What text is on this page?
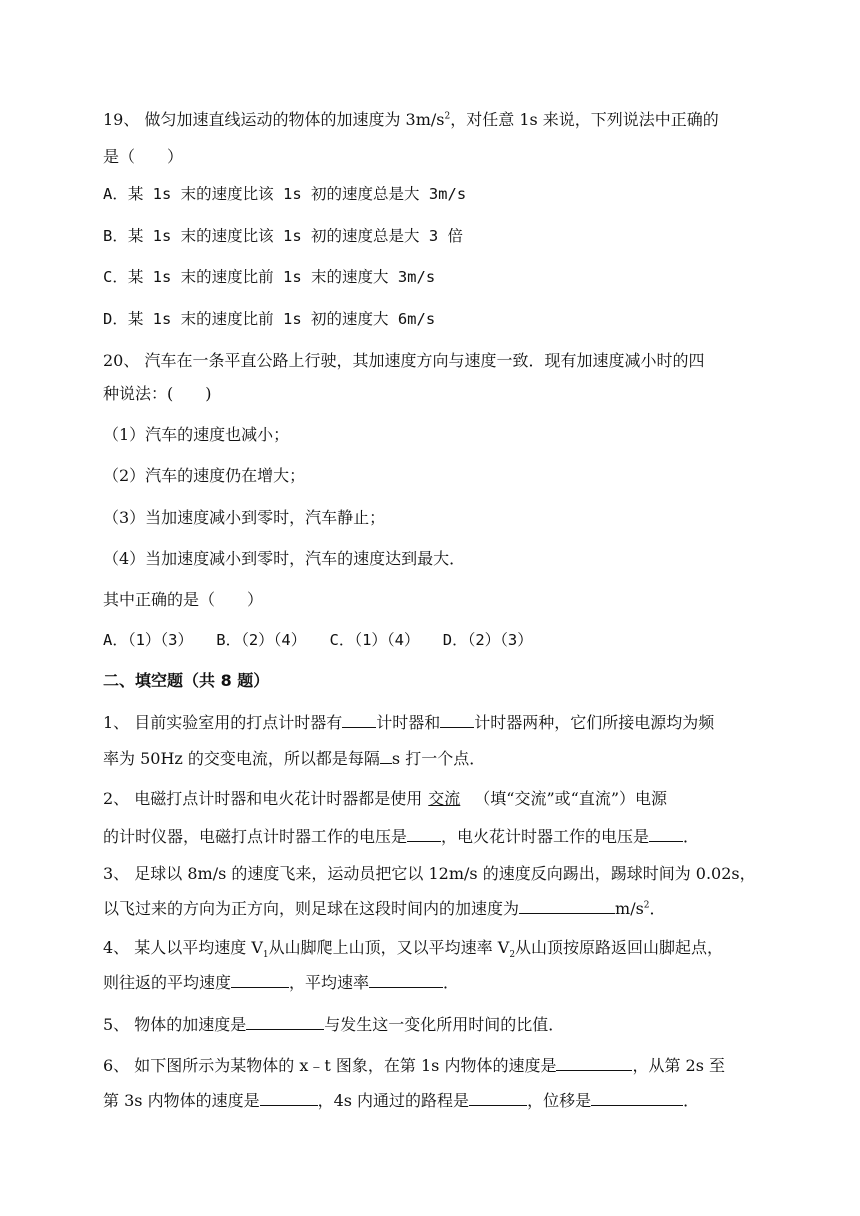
19、 做匀加速直线运动的物体的加速度为 $3m/s^2$，对任意 1s 来说，下列说法中正确的
是（　　）
A．某 1s 末的速度比该 1s 初的速度总是大 3m/s
B．某 1s 末的速度比该 1s 初的速度总是大 3 倍
C．某 1s 末的速度比前 1s 末的速度大 3m/s
D．某 1s 末的速度比前 1s 初的速度大 6m/s
20、 汽车在一条平直公路上行驶，其加速度方向与速度一致．现有加速度减小时的四
种说法：(　　)
（1）汽车的速度也减小；
（2）汽车的速度仍在增大；
（3）当加速度减小到零时，汽车静止；
（4）当加速度减小到零时，汽车的速度达到最大．
其中正确的是（　　）
A．（1）（3）　　B．（2）（4）　　C．（1）（4）　　D．（2）（3）
二、填空题（共 8 题）
1、 目前实验室用的打点计时器有 计时器和 计时器两种，它们所接电源均为频
率为 50Hz 的交变电流，所以都是每隔 s 打一个点．
2、 电磁打点计时器和电火花计时器都是使用 交流 （填“交流”或“直流”）电源
的计时仪器，电磁打点计时器工作的电压是 ，电火花计时器工作的电压是 ．
3、 足球以 8m/s 的速度飞来，运动员把它以 12m/s 的速度反向踢出，踢球时间为 0.02s，
以飞过来的方向为正方向，则足球在这段时间内的加速度为	$m/s^2$．
4、 某人以平均速度 $V_1$从山脚爬上山顶，又以平均速率 $V_2$从山顶按原路返回山脚起点，
则往返的平均速度	，平均速率	．
5、 物体的加速度是	与发生这一变化所用时间的比值．
6、 如下图所示为某物体的 x﹣t 图象，在第 1s 内物体的速度是	，从第 2s 至
第 3s 内物体的速度是	，4s 内通过的路程是	，位移是	．
